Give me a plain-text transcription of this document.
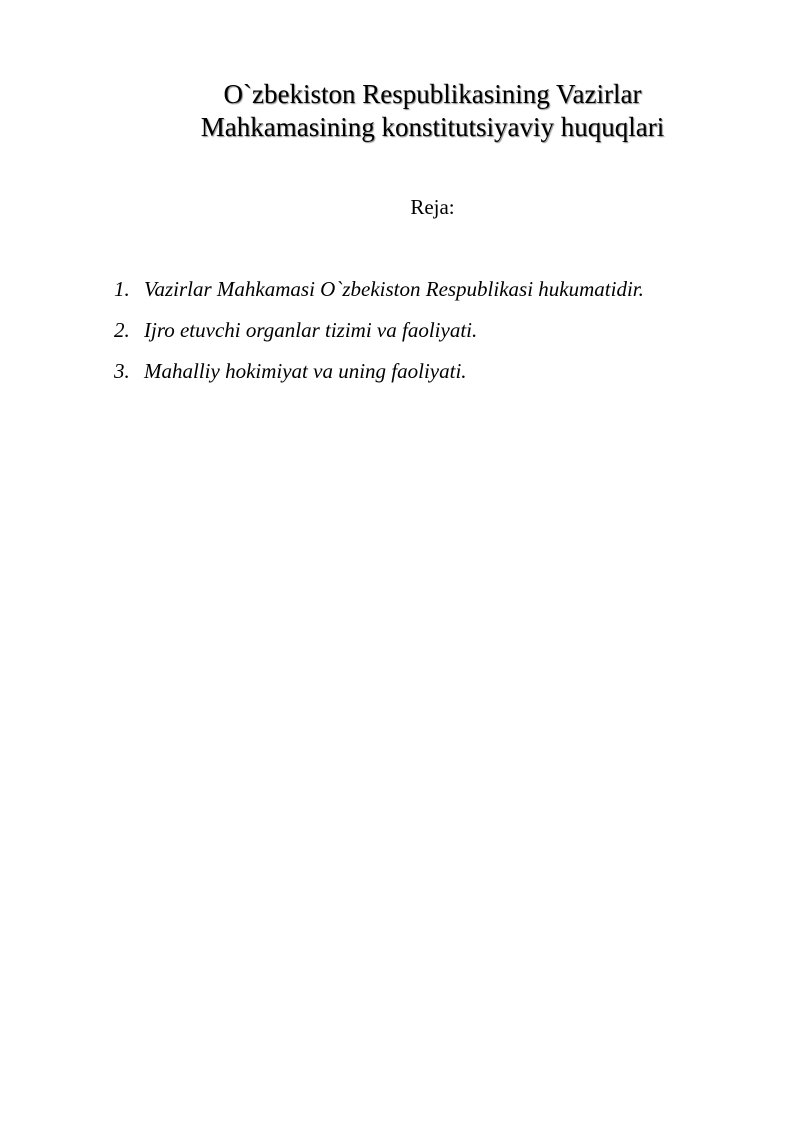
O`zbekiston Respublikasining Vazirlar
Mahkamasining konstitutsiyaviy huquqlari

Reja:

1. Vazirlar Mahkamasi O`zbekiston Respublikasi hukumatidir.
2. Ijro etuvchi organlar tizimi va faoliyati.
3. Mahalliy hokimiyat va uning faoliyati.
